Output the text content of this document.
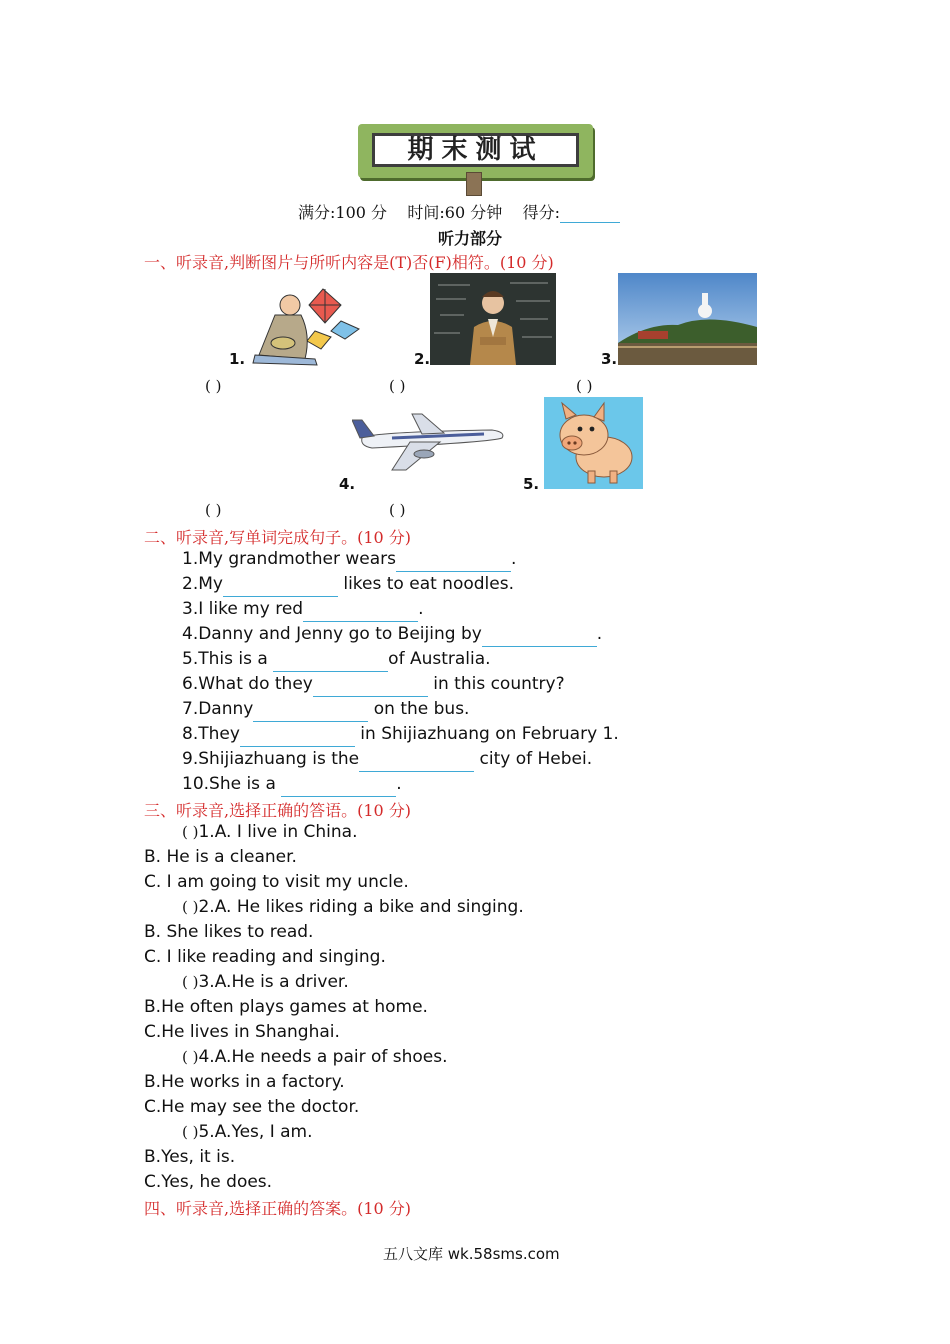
期末测试
满分:100 分 时间:60 分钟 得分:
听力部分
一、听录音,判断图片与所听内容是(T)否(F)相符。(10 分)
1.	2.	3.
( )	( )	( )
4.	5.
( )	( )
二、听录音,写单词完成句子。(10 分)
1.My grandmother wears	.
2.My	likes to eat noodles.
3.I like my red	.
4.Danny and Jenny go to Beijing by	.
5.This is a	of Australia.
6.What do they	in this country?
7.Danny	on the bus.
8.They	in Shijiazhuang on February 1.
9.Shijiazhuang is the	city of Hebei.
10.She is a	.
三、听录音,选择正确的答语。(10 分)
( )1.A. I live in China.
B. He is a cleaner.
C. I am going to visit my uncle.
( )2.A. He likes riding a bike and singing.
B. She likes to read.
C. I like reading and singing.
( )3.A.He is a driver.
B.He often plays games at home.
C.He lives in Shanghai.
( )4.A.He needs a pair of shoes.
B.He works in a factory.
C.He may see the doctor.
( )5.A.Yes, I am.
B.Yes, it is.
C.Yes, he does.
四、听录音,选择正确的答案。(10 分)
五八文库 wk.58sms.com
